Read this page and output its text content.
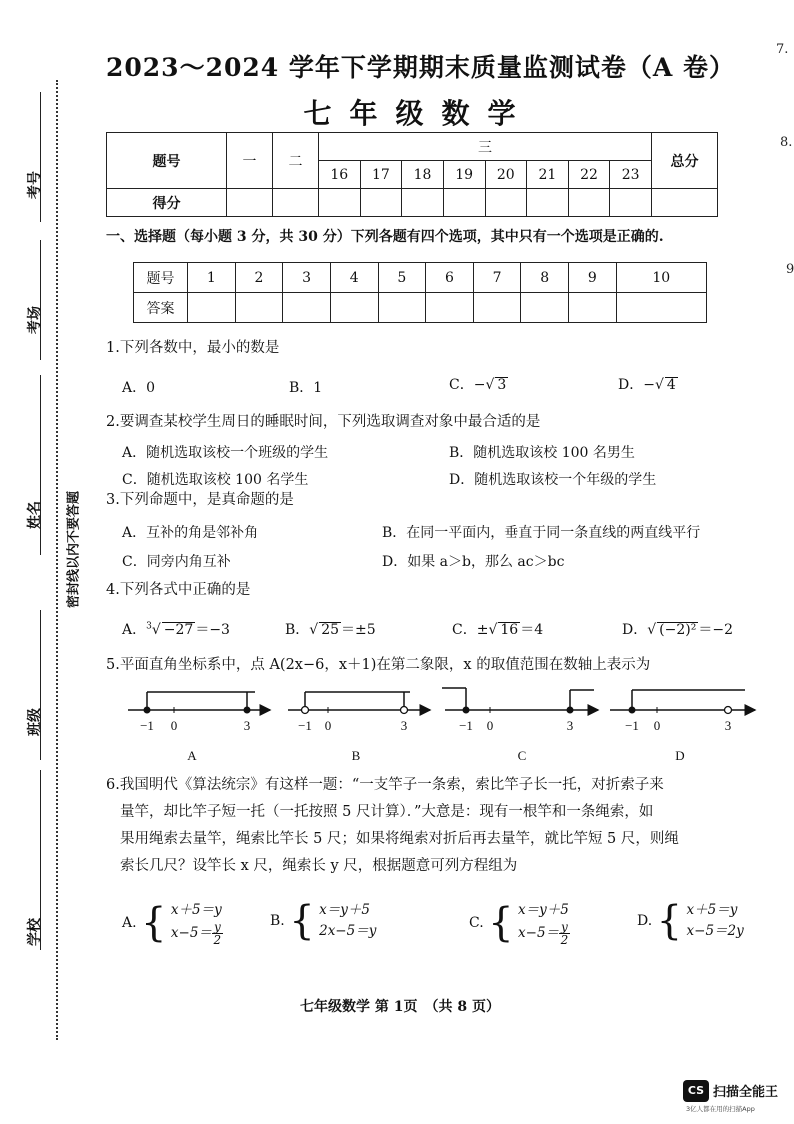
考号
考场
姓名	密封线以内不要答题
班级
学校
7.
8.
9
2023～2024 学年下学期期末质量监测试卷（A 卷）
七年级数学
题号	一	二	三								总分
			16	17	18	19	20	21	22	23	
得分											
一、选择题（每小题 3 分，共 30 分）下列各题有四个选项，其中只有一个选项是正确的.
题号	1	2	3	4	5	6	7	8	9	10
答案										
1.下列各数中，最小的数是
A．0	B．1	C．−√ 3	D．−√ 4
2.要调查某校学生周日的睡眠时间，下列选取调查对象中最合适的是
A．随机选取该校一个班级的学生	B．随机选取该校 100 名男生
C．随机选取该校 100 名学生	D．随机选取该校一个年级的学生
3.下列命题中，是真命题的是
A．互补的角是邻补角	B．在同一平面内，垂直于同一条直线的两直线平行
C．同旁内角互补	D．如果 a＞b，那么 ac＞bc
4.下列各式中正确的是
A．$^3$√ −27 ＝−3	B．√ 25 ＝±5	C．±√ 16 ＝4	D．√ (−2)² ＝−2
5.平面直角坐标系中，点 A(2x−6，x＋1)在第二象限，x 的取值范围在数轴上表示为
−1 0	3	−1 0	3	−1 0	3	−1 0	3
A	B	C	D
6.我国明代《算法统宗》有这样一题：“一支竿子一条索，索比竿子长一托，对折索子来
量竿，却比竿子短一托（一托按照 5 尺计算）．”大意是：现有一根竿和一条绳索，如
果用绳索去量竿，绳索比竿长 5 尺；如果将绳索对折后再去量竿，就比竿短 5 尺，则绳
索长几尺？设竿长 x 尺，绳索长 y 尺，根据题意可列方程组为
A. { x＋5＝y
$x-5= \frac{y}{2}$	B. { x＝y＋5
2x−5＝y	C. { x＝y＋5
$x-5= \frac{y}{2}$	D. { x＋5＝y
x−5＝2y
七年级数学 第 1页　（共 8 页）
CS 扫描全能王
3亿人都在用的扫描App
